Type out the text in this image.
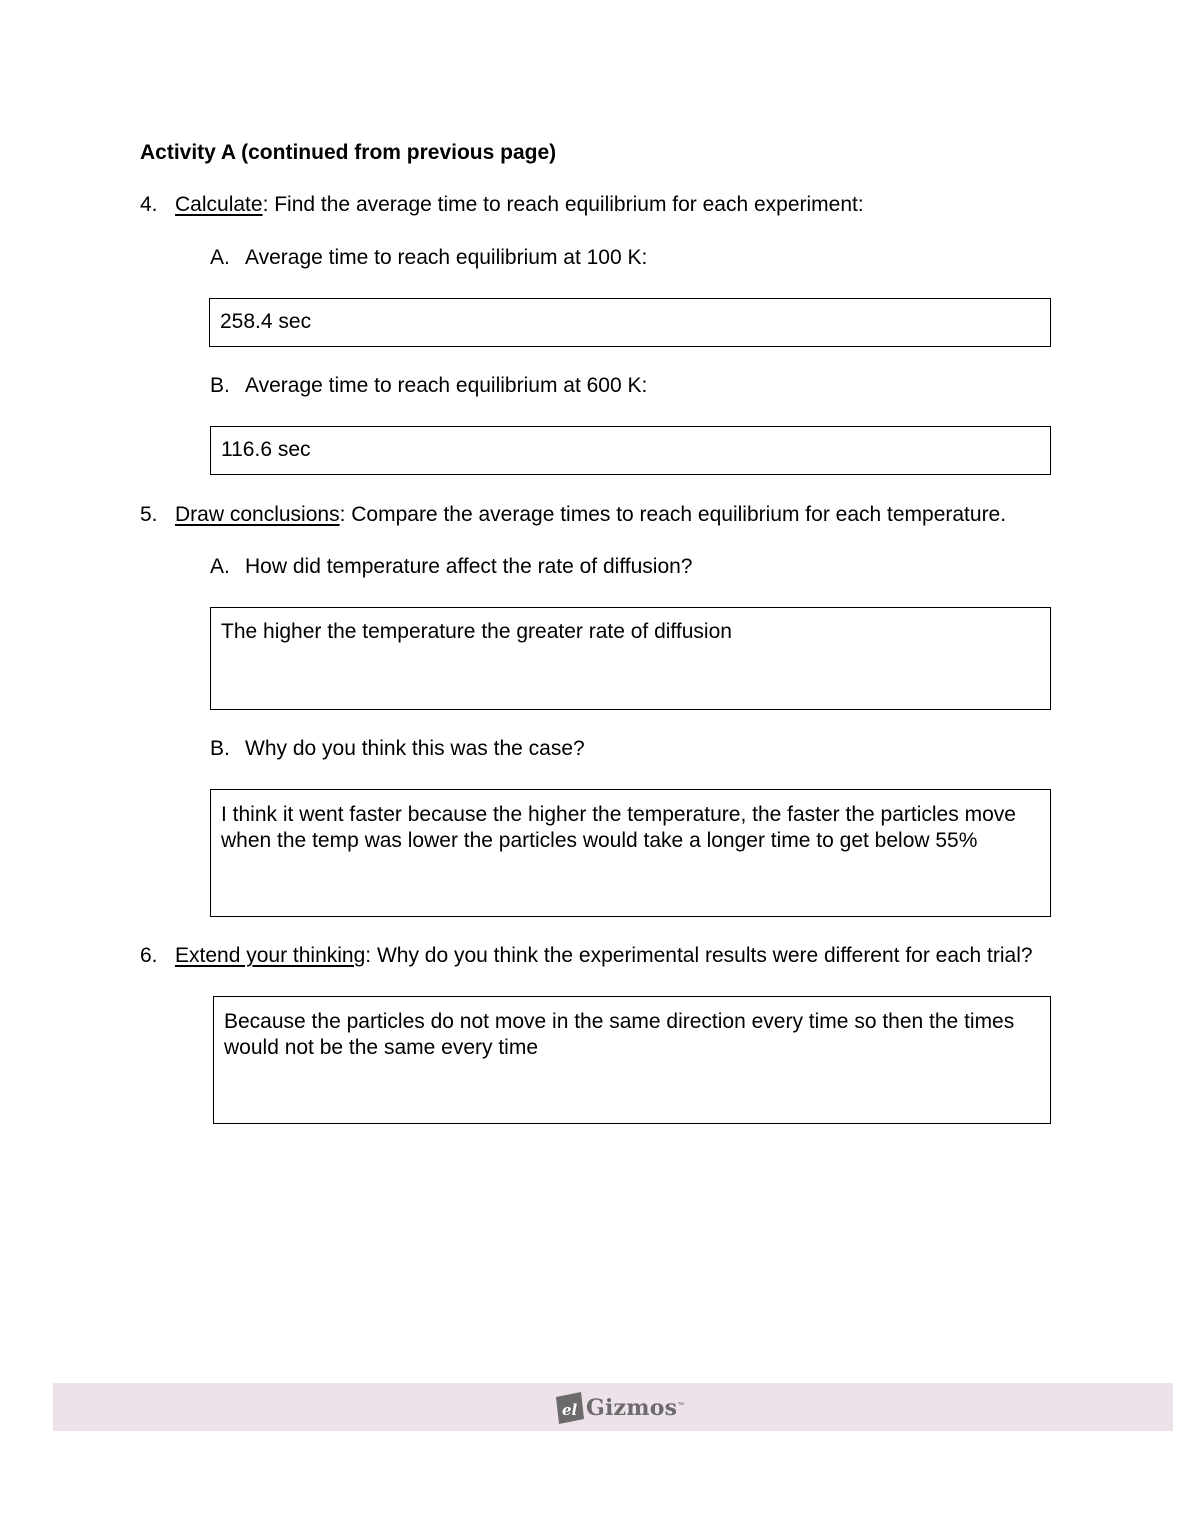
Activity A (continued from previous page)
4. Calculate: Find the average time to reach equilibrium for each experiment:
A. Average time to reach equilibrium at 100 K:
258.4 sec
B. Average time to reach equilibrium at 600 K:
116.6 sec
5. Draw conclusions: Compare the average times to reach equilibrium for each temperature.
A. How did temperature affect the rate of diffusion?
The higher the temperature the greater rate of diffusion
B. Why do you think this was the case?
I think it went faster because the higher the temperature, the faster the particles move when the temp was lower the particles would take a longer time to get below 55%
6. Extend your thinking: Why do you think the experimental results were different for each trial?
Because the particles do not move in the same direction every time so then the times would not be the same every time
el Gizmos ™
